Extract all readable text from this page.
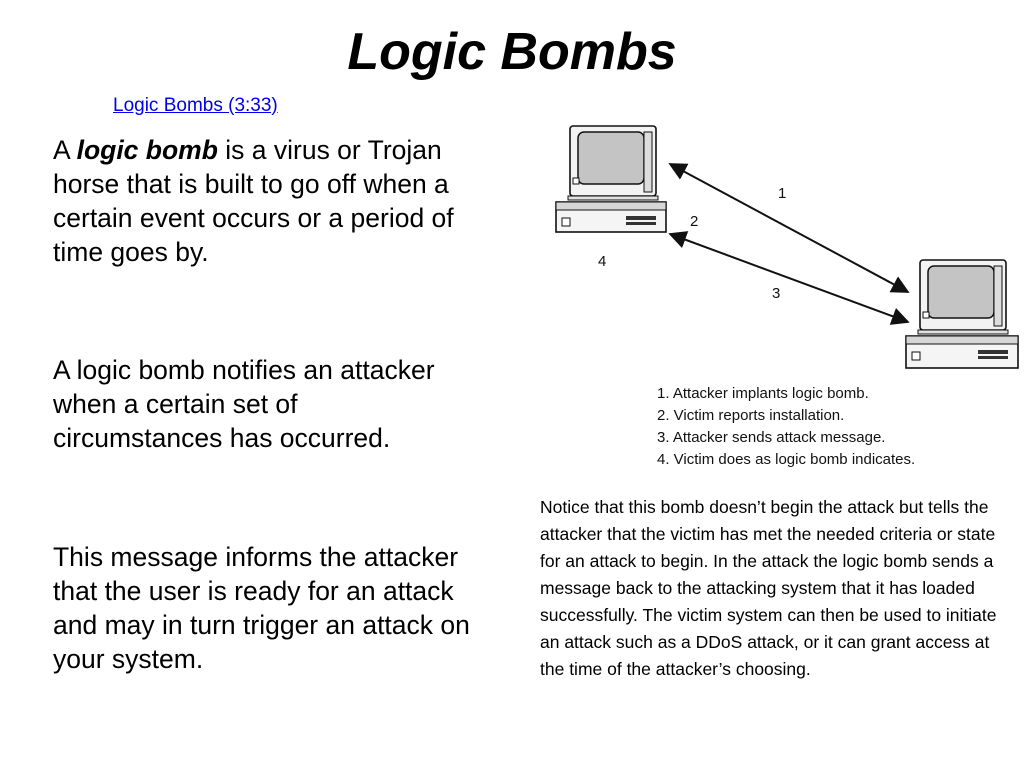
Logic Bombs
Logic Bombs (3:33)

A logic bomb is a virus or Trojan horse that is built to go off when a certain event occurs or a period of time goes by.

A logic bomb notifies an attacker when a certain set of circumstances has occurred.

This message informs the attacker that the user is ready for an attack and may in turn trigger an attack on your system.

1
2
4
3
1. Attacker implants logic bomb.
2. Victim reports installation.
3. Attacker sends attack message.
4. Victim does as logic bomb indicates.

Notice that this bomb doesn’t begin the attack but tells the attacker that the victim has met the needed criteria or state for an attack to begin. In the attack the logic bomb sends a message back to the attacking system that it has loaded successfully. The victim system can then be used to initiate an attack such as a DDoS attack, or it can grant access at the time of the attacker’s choosing.
